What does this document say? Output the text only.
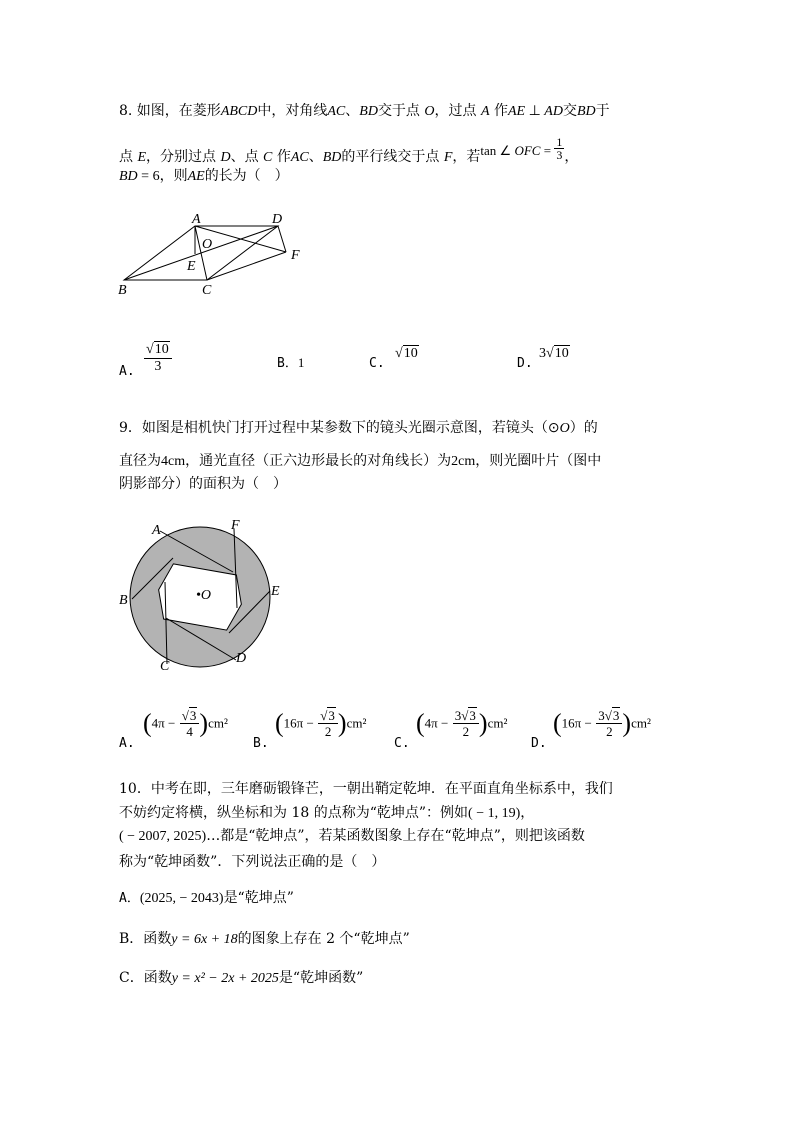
8. 如图，在菱形ABCD中，对角线AC、BD交于点 O，过点 A 作AE ⊥ AD交BD于
点 E，分别过点 D、点 C 作AC、BD的平行线交于点 F，若tan ∠ OFC = $\frac{1}{3}$ ，
BD = 6，则AE的长为（　）
A	D
O
E
F
B	C
A. $\frac{√10}{3}$	B．1	C.
√10
D.
3√10
9．如图是相机快门打开过程中某参数下的镜头光圈示意图，若镜头（⊙O）的
直径为4cm，通光直径（正六边形最长的对角线长）为2cm，则光圈叶片（图中
阴影部分）的面积为（　）
A	F
B	•O	E
C
D
A.
$(4\pi - \frac{√3}{4} )cm^2$
B.
$(16\pi - \frac{√3}{2} )cm^2$
C.
$(4\pi - \frac{3√3}{2} )cm^2$
D.
$(16\pi - \frac{3√3}{2} )cm^2$
10．中考在即，三年磨砺锻锋芒，一朝出鞘定乾坤．在平面直角坐标系中，我们
不妨约定将横，纵坐标和为 18 的点称为“乾坤点”：例如( − 1, 19)，
( − 2007, 2025)…都是“乾坤点”，若某函数图象上存在“乾坤点”，则把该函数
称为“乾坤函数”．下列说法正确的是（　）
A．(2025, − 2043)是“乾坤点”
B．函数y = 6x + 18的图象上存在 2 个“乾坤点”
C．函数y = x² − 2x + 2025是“乾坤函数”
